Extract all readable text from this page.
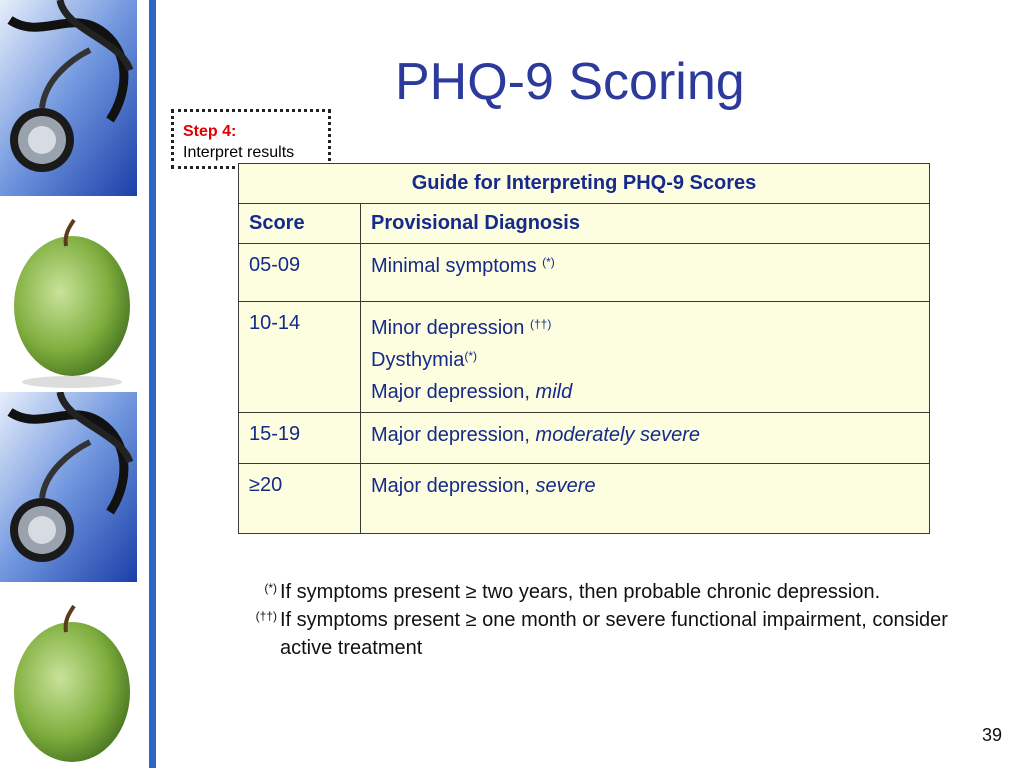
PHQ-9 Scoring
Step 4:
Interpret results
Guide for Interpreting PHQ-9 Scores	
Score	Provisional Diagnosis
05-09	Minimal symptoms (*)

10-14	Minor depression (††)
Dysthymia(*)
Major depression, mild

15-19	Major depression, moderately severe

≥20	Major depression, severe
(*) If symptoms present ≥ two years, then probable chronic depression.
(††) If symptoms present ≥ one month or severe functional impairment, consider active treatment
39
